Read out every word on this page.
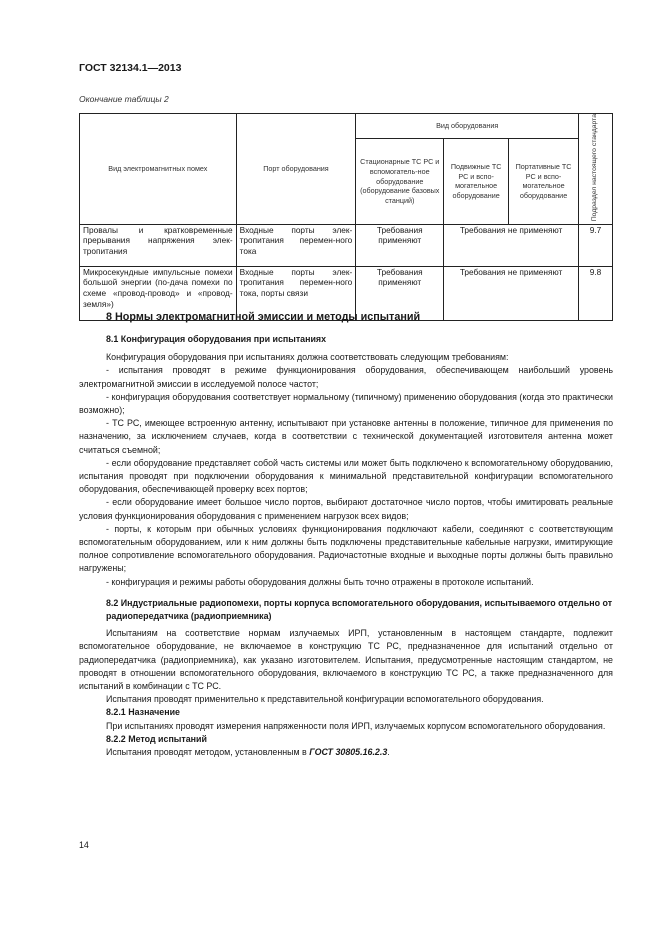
ГОСТ 32134.1—2013
Окончание таблицы 2
Вид электромагнитных помех	Порт оборудования	Вид оборудования			Подраздел настоящего стандарта
		Стационарные ТС РС и вспомогатель-ное оборудование (оборудование базовых станций)	Подвижные ТС РС и вспо-могательное оборудование	Портативные ТС РС и вспо-могательное оборудование	
Провалы и кратковременные прерывания напряжения элек-тропитания	Входные порты элек-тропитания перемен-ного тока	Требования применяют	Требования не применяют		9.7
Микросекундные импульсные помехи большой энергии (по-дача помехи по схеме «провод-провод» и «провод-земля»)	Входные порты элек-тропитания перемен-ного тока, порты связи	Требования применяют	Требования не применяют		9.8
8 Нормы электромагнитной эмиссии и методы испытаний
8.1 Конфигурация оборудования при испытаниях

Конфигурация оборудования при испытаниях должна соответствовать следующим требованиям:

- испытания проводят в режиме функционирования оборудования, обеспечивающем наибольший уровень электромагнитной эмиссии в исследуемой полосе частот;

- конфигурация оборудования соответствует нормальному (типичному) применению оборудования (когда это практически возможно);

- ТС РС, имеющее встроенную антенну, испытывают при установке антенны в положение, типичное для применения по назначению, за исключением случаев, когда в соответствии с технической документацией изготовителя антенна может считаться съемной;

- если оборудование представляет собой часть системы или может быть подключено к вспомогательному оборудованию, испытания проводят при подключении оборудования к минимальной представительной конфигурации вспомогательного оборудования, обеспечивающей проверку всех портов;

- если оборудование имеет большое число портов, выбирают достаточное число портов, чтобы имитировать реальные условия функционирования оборудования с применением нагрузок всех видов;

- порты, к которым при обычных условиях функционирования подключают кабели, соединяют с соответствующим вспомогательным оборудованием, или к ним должны быть подключены представительные кабельные нагрузки, имитирующие полное сопротивление вспомогательного оборудования. Радиочастотные входные и выходные порты должны быть правильно нагружены;

- конфигурация и режимы работы оборудования должны быть точно отражены в протоколе испытаний.

8.2 Индустриальные радиопомехи, порты корпуса вспомогательного оборудования, испытываемого отдельно от радиопередатчика (радиоприемника)

Испытаниям на соответствие нормам излучаемых ИРП, установленным в настоящем стандарте, подлежит вспомогательное оборудование, не включаемое в конструкцию ТС РС, предназначенное для испытаний отдельно от радиопередатчика (радиоприемника), как указано изготовителем. Испытания, предусмотренные настоящим стандартом, не проводят в отношении вспомогательного оборудования, включаемого в конструкцию ТС РС, а также предназначенного для испытаний в комбинации с ТС РС.

Испытания проводят применительно к представительной конфигурации вспомогательного оборудования.

8.2.1 Назначение

При испытаниях проводят измерения напряженности поля ИРП, излучаемых корпусом вспомогательного оборудования.

8.2.2 Метод испытаний

Испытания проводят методом, установленным в ГОСТ 30805.16.2.3.

14
